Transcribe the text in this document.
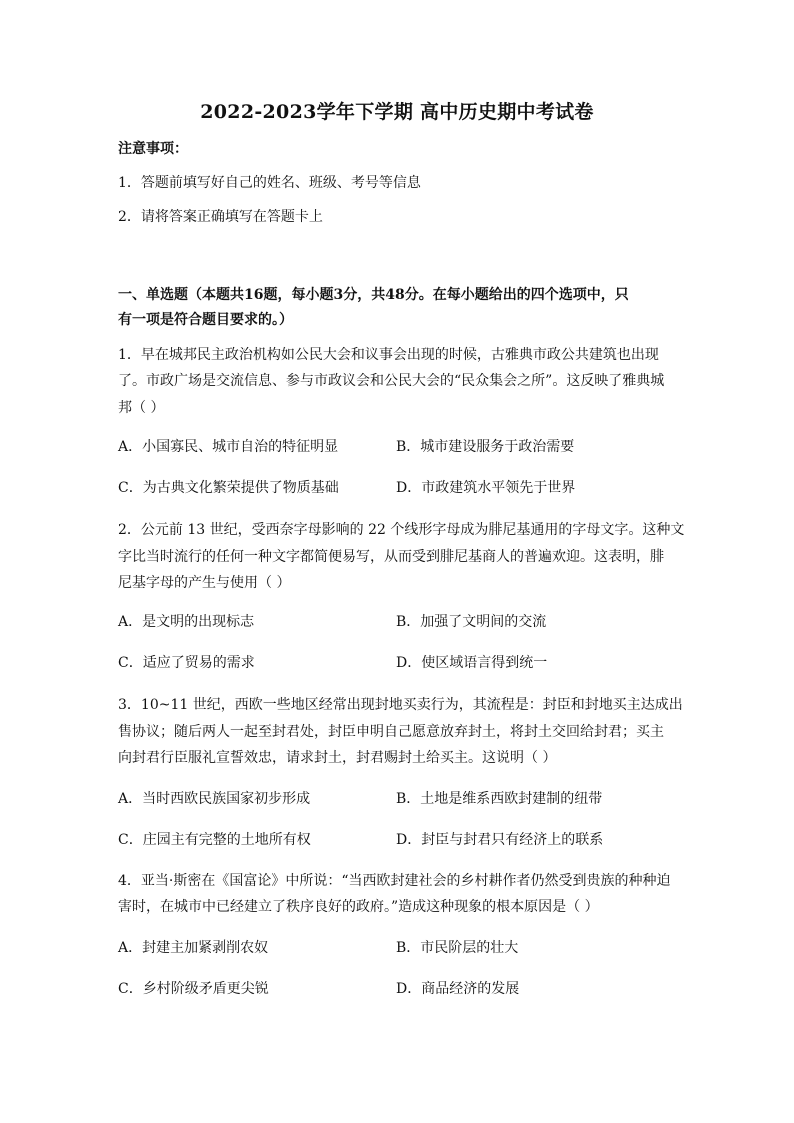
2022-2023学年下学期 高中历史期中考试卷
注意事项：
1．答题前填写好自己的姓名、班级、考号等信息
2．请将答案正确填写在答题卡上
一、单选题（本题共16题，每小题3分，共48分。在每小题给出的四个选项中，只
有一项是符合题目要求的。）
1．早在城邦民主政治机构如公民大会和议事会出现的时候，古雅典市政公共建筑也出现
了。市政广场是交流信息、参与市政议会和公民大会的“民众集会之所”。这反映了雅典城
邦（ ）
A．小国寡民、城市自治的特征明显	B．城市建设服务于政治需要
C．为古典文化繁荣提供了物质基础	D．市政建筑水平领先于世界
2．公元前 13 世纪，受西奈字母影响的 22 个线形字母成为腓尼基通用的字母文字。这种文
字比当时流行的任何一种文字都简便易写，从而受到腓尼基商人的普遍欢迎。这表明，腓
尼基字母的产生与使用（ ）
A．是文明的出现标志	B．加强了文明间的交流
C．适应了贸易的需求	D．使区域语言得到统一
3．10~11 世纪，西欧一些地区经常出现封地买卖行为，其流程是：封臣和封地买主达成出
售协议；随后两人一起至封君处，封臣申明自己愿意放弃封土，将封土交回给封君；买主
向封君行臣服礼宣誓效忠，请求封土，封君赐封土给买主。这说明（ ）
A．当时西欧民族国家初步形成	B．土地是维系西欧封建制的纽带
C．庄园主有完整的土地所有权	D．封臣与封君只有经济上的联系
4．亚当·斯密在《国富论》中所说：“当西欧封建社会的乡村耕作者仍然受到贵族的种种迫
害时，在城市中已经建立了秩序良好的政府。”造成这种现象的根本原因是（ ）
A．封建主加紧剥削农奴	B．市民阶层的壮大
C．乡村阶级矛盾更尖锐	D．商品经济的发展
